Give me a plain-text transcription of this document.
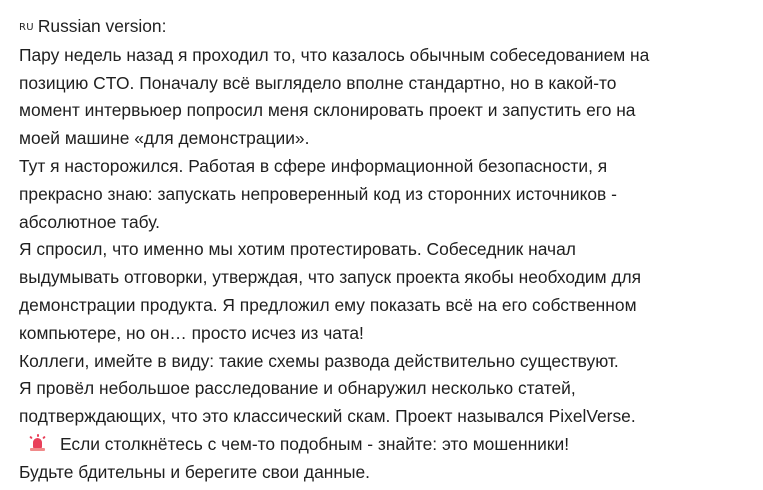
RU Russian version:
Пару недель назад я проходил то, что казалось обычным собеседованием на
позицию CTO. Поначалу всё выглядело вполне стандартно, но в какой-то
момент интервьюер попросил меня склонировать проект и запустить его на
моей машине «для демонстрации».
Тут я насторожился. Работая в сфере информационной безопасности, я
прекрасно знаю: запускать непроверенный код из сторонних источников -
абсолютное табу.
Я спросил, что именно мы хотим протестировать. Собеседник начал
выдумывать отговорки, утверждая, что запуск проекта якобы необходим для
демонстрации продукта. Я предложил ему показать всё на его собственном
компьютере, но он… просто исчез из чата!
Коллеги, имейте в виду: такие схемы развода действительно существуют.
Я провёл небольшое расследование и обнаружил несколько статей,
подтверждающих, что это классический скам. Проект назывался PixelVerse.
Если столкнётесь с чем-то подобным - знайте: это мошенники!
Будьте бдительны и берегите свои данные.
